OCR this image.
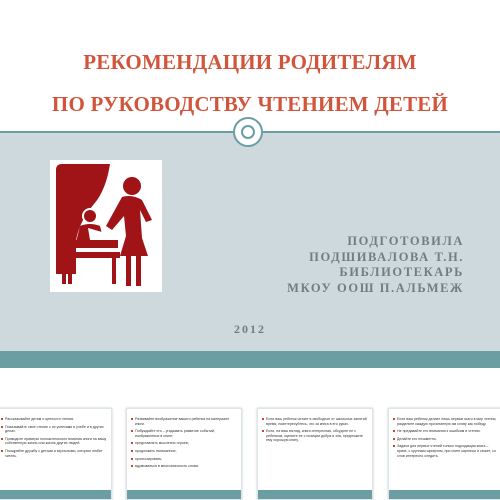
РЕКОМЕНДАЦИИ РОДИТЕЛЯМ
ПО РУКОВОДСТВУ ЧТЕНИЕМ ДЕТЕЙ
ПОДГОТОВИЛА
ПОДШИВАЛОВА Т.Н.
БИБЛИОТЕКАРЬ
МКОУ ООШ П.АЛЬМЕЖ
2012
Рассказывайте детям о ценности чтения.
Показывайте свое чтение с их успехами в учебе и в других делах.
Приводите примеры положительного влияния книги на вашу собственную жизнь или жизнь других людей.
Поощряйте дружбу с детьми и взрослыми, которые любят читать.
Развивайте воображение вашего ребенка на материале книги.
Побуждайте его – угадывать развитие событий, изображенных в книге;
представлять мысленно героев;
продолжать написанное;
прогнозировать;
вдумываться в многозначность слова.
Если ваш ребенок читает в свободное от школьных занятий время, поинтересуйтесь, что за книга в его руках.
Если, на ваш взгляд, книга интересная, обсудите ее с ребенком, оцените ее с позиции добра и зла, предложите ему хорошую книгу.
Если ваш ребенок делает лишь первые шаги в мир чтения, разделите каждую прочитанную им слову как победу.
Не предавайте его внимания к ошибкам в чтении.
Делайте его незаметно.
Задача для первых чтений только подходящая книга – яркие, с крупным шрифтом, при книге картинки и сюжет, со слов интересно следить.
